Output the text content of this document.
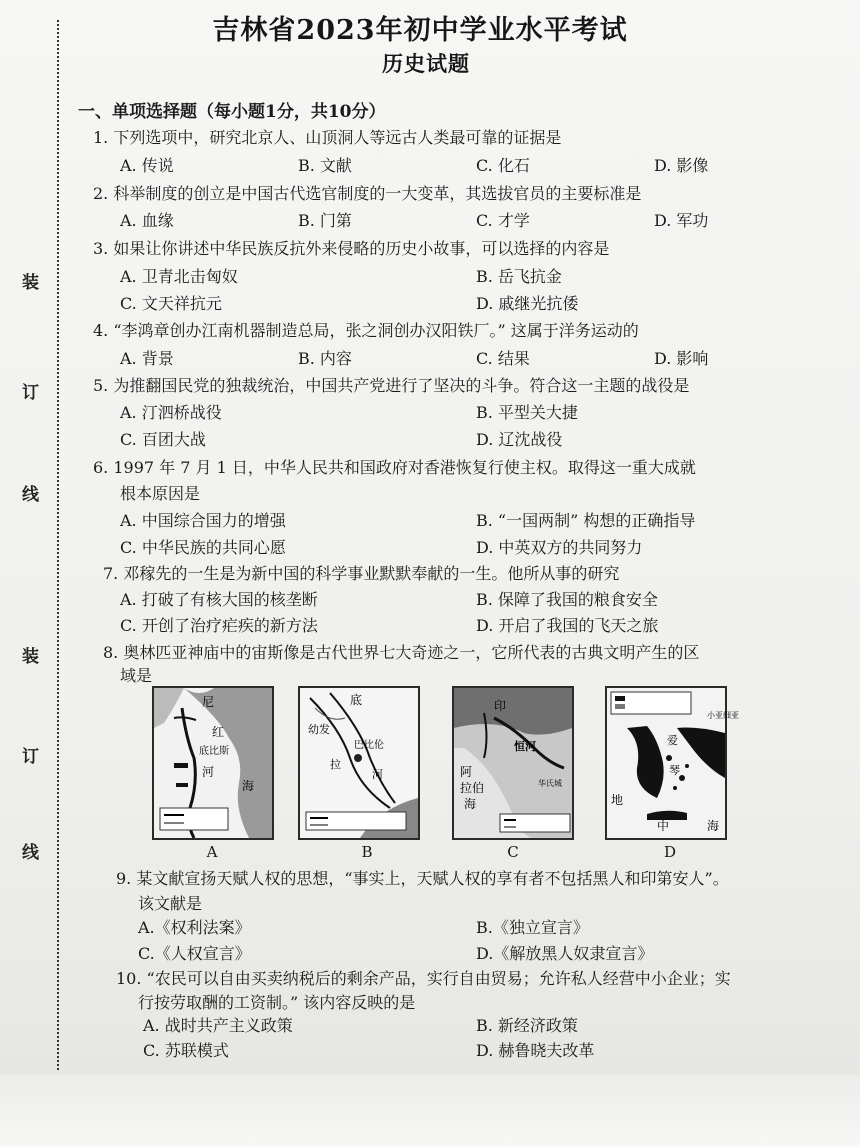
装
订
线
装
订
线
吉林省2023年初中学业水平考试
历史试题
一、单项选择题（每小题1分，共10分）
1. 下列选项中，研究北京人、山顶洞人等远古人类最可靠的证据是
A. 传说	B. 文献	C. 化石	D. 影像
2. 科举制度的创立是中国古代选官制度的一大变革，其选拔官员的主要标准是
A. 血缘	B. 门第	C. 才学	D. 军功
3. 如果让你讲述中华民族反抗外来侵略的历史小故事，可以选择的内容是
A. 卫青北击匈奴	B. 岳飞抗金
C. 文天祥抗元	D. 戚继光抗倭
4. “李鸿章创办江南机器制造总局，张之洞创办汉阳铁厂。” 这属于洋务运动的
A. 背景	B. 内容	C. 结果	D. 影响
5. 为推翻国民党的独裁统治，中国共产党进行了坚决的斗争。符合这一主题的战役是
A. 汀泗桥战役	B. 平型关大捷
C. 百团大战	D. 辽沈战役
6. 1997 年 7 月 1 日，中华人民共和国政府对香港恢复行使主权。取得这一重大成就
根本原因是
A. 中国综合国力的增强	B. “一国两制” 构想的正确指导
C. 中华民族的共同心愿	D. 中英双方的共同努力
7. 邓稼先的一生是为新中国的科学事业默默奉献的一生。他所从事的研究
A. 打破了有核大国的核垄断	B. 保障了我国的粮食安全
C. 开创了治疗疟疾的新方法	D. 开启了我国的飞天之旅
8. 奥林匹亚神庙中的宙斯像是古代世界七大奇迹之一，它所代表的古典文明产生的区
域是
尼
红
底比斯
河
海
A
底
幼发
巴比伦
拉
河
B
印
恒河
阿
拉伯
海
华氏城
C
爱
琴
小亚细亚
地
中	海
D
9. 某文献宣扬天赋人权的思想，“事实上，天赋人权的享有者不包括黑人和印第安人”。
该文献是
A.《权利法案》	B.《独立宣言》
C.《人权宣言》	D.《解放黑人奴隶宣言》
10. “农民可以自由买卖纳税后的剩余产品，实行自由贸易；允许私人经营中小企业；实
行按劳取酬的工资制。” 该内容反映的是
A. 战时共产主义政策	B. 新经济政策
C. 苏联模式	D. 赫鲁晓夫改革
